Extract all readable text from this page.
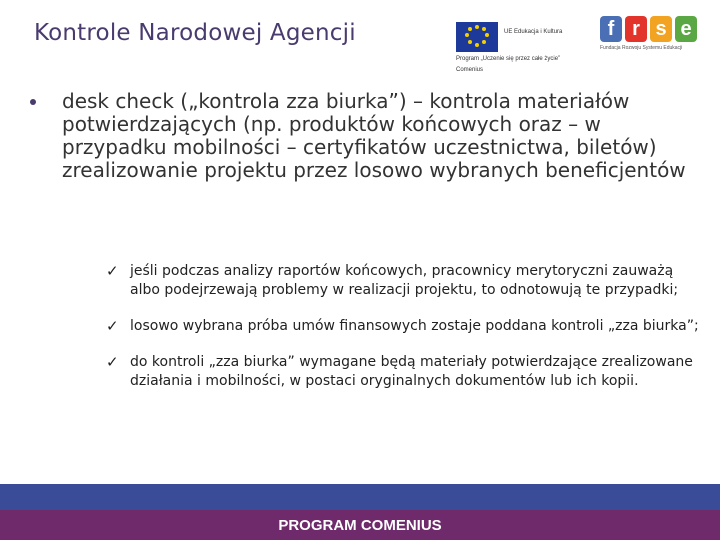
Kontrole Narodowej Agencji	UE Edukacja i Kultura
Program „Uczenie się przez całe życie”
Comenius
f r s e
Fundacja Rozwoju Systemu Edukacji
desk check („kontrola zza biurka”) – kontrola materiałów potwierdzających (np. produktów końcowych oraz – w przypadku mobilności – certyfikatów uczestnictwa, biletów) zrealizowanie projektu przez losowo wybranych beneficjentów
✓ jeśli podczas analizy raportów końcowych, pracownicy merytoryczni zauważą albo podejrzewają problemy w realizacji projektu, to odnotowują te przypadki;
✓ losowo wybrana próba umów finansowych zostaje poddana kontroli „zza biurka”;
✓ do kontroli „zza biurka” wymagane będą materiały potwierdzające zrealizowane działania i mobilności, w postaci oryginalnych dokumentów lub ich kopii.
PROGRAM COMENIUS
